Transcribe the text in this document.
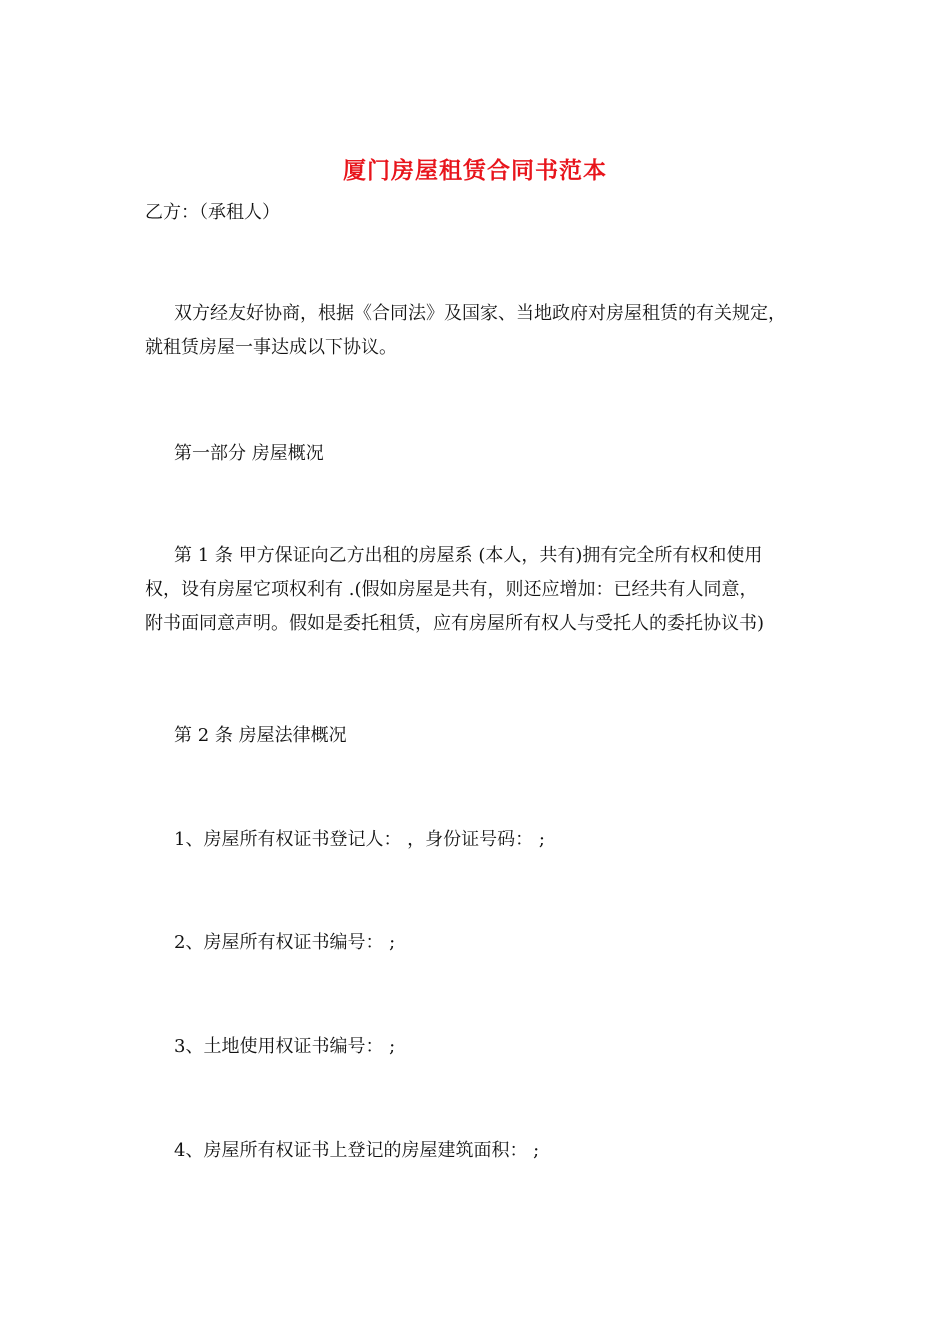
厦门房屋租赁合同书范本
乙方：（承租人）
双方经友好协商，根据《合同法》及国家、当地政府对房屋租赁的有关规定，
就租赁房屋一事达成以下协议。
第一部分 房屋概况
第 1 条 甲方保证向乙方出租的房屋系 (本人，共有)拥有完全所有权和使用
权，设有房屋它项权利有 .(假如房屋是共有，则还应增加：已经共有人同意，
附书面同意声明。假如是委托租赁，应有房屋所有权人与受托人的委托协议书)
第 2 条 房屋法律概况
1、房屋所有权证书登记人： ，身份证号码： ;
2、房屋所有权证书编号： ;
3、土地使用权证书编号： ;
4、房屋所有权证书上登记的房屋建筑面积： ;
